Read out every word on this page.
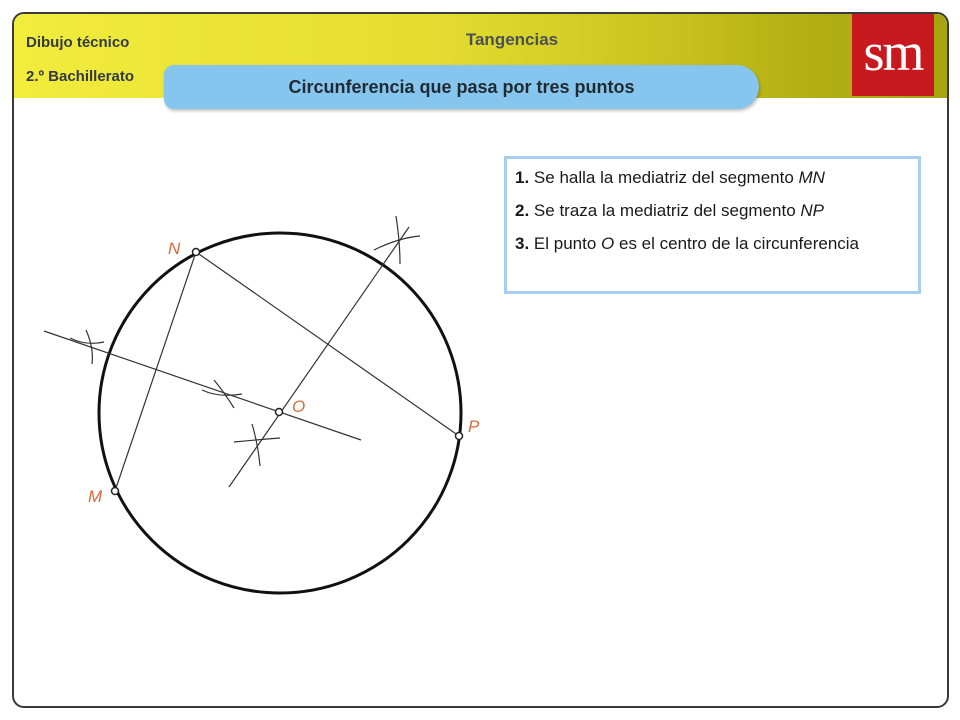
Dibujo técnico
2.º Bachillerato
Tangencias	sm
Circunferencia que pasa por tres puntos
N
M
P
O
1. Se halla la mediatriz del segmento MN
2. Se traza la mediatriz del segmento NP
3. El punto O es el centro de la circunferencia
